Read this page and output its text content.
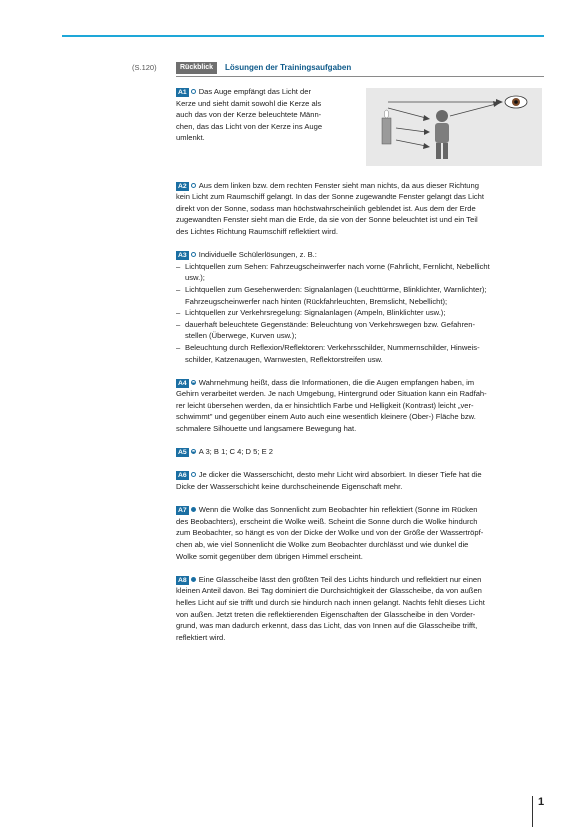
(S.120)	Rückblick	Lösungen der Trainingsaufgaben

A1 Das Auge empfängt das Licht der

Kerze und sieht damit sowohl die Kerze als

auch das von der Kerze beleuchtete Männ-

chen, das das Licht von der Kerze ins Auge

umlenkt.

A2 Aus dem linken bzw. dem rechten Fenster sieht man nichts, da aus dieser Richtung

kein Licht zum Raumschiff gelangt. In das der Sonne zugewandte Fenster gelangt das Licht

direkt von der Sonne, sodass man höchstwahrscheinlich geblendet ist. Aus dem der Erde

zugewandten Fenster sieht man die Erde, da sie von der Sonne beleuchtet ist und ein Teil

des Lichtes Richtung Raumschiff reflektiert wird.

A3 Individuelle Schülerlösungen, z. B.:

– Lichtquellen zum Sehen: Fahrzeugscheinwerfer nach vorne (Fahrlicht, Fernlicht, Nebellicht
usw.);
– Lichtquellen zum Gesehenwerden: Signalanlagen (Leuchttürme, Blinklichter, Warnlichter);
Fahrzeugscheinwerfer nach hinten (Rückfahrleuchten, Bremslicht, Nebellicht);
– Lichtquellen zur Verkehrsregelung: Signalanlagen (Ampeln, Blinklichter usw.);
– dauerhaft beleuchtete Gegenstände: Beleuchtung von Verkehrswegen bzw. Gefahren-
stellen (Überwege, Kurven usw.);
– Beleuchtung durch Reflexion/Reflektoren: Verkehrsschilder, Nummernschilder, Hinweis-
schilder, Katzenaugen, Warnwesten, Reflektorstreifen usw.

A4 Wahrnehmung heißt, dass die Informationen, die die Augen empfangen haben, im

Gehirn verarbeitet werden. Je nach Umgebung, Hintergrund oder Situation kann ein Radfah-

rer leicht übersehen werden, da er hinsichtlich Farbe und Helligkeit (Kontrast) leicht „ver-

schwimmt" und gegenüber einem Auto auch eine wesentlich kleinere (Ober-) Fläche bzw.

schmalere Silhouette und langsamere Bewegung hat.

A5 A 3; B 1; C 4; D 5; E 2

A6 Je dicker die Wasserschicht, desto mehr Licht wird absorbiert. In dieser Tiefe hat die

Dicke der Wasserschicht keine durchscheinende Eigenschaft mehr.

A7 Wenn die Wolke das Sonnenlicht zum Beobachter hin reflektiert (Sonne im Rücken

des Beobachters), erscheint die Wolke weiß. Scheint die Sonne durch die Wolke hindurch

zum Beobachter, so hängt es von der Dicke der Wolke und von der Größe der Wassertröpf-

chen ab, wie viel Sonnenlicht die Wolke zum Beobachter durchlässt und wie dunkel die

Wolke somit gegenüber dem übrigen Himmel erscheint.

A8 Eine Glasscheibe lässt den größten Teil des Lichts hindurch und reflektiert nur einen

kleinen Anteil davon. Bei Tag dominiert die Durchsichtigkeit der Glasscheibe, da von außen

helles Licht auf sie trifft und durch sie hindurch nach innen gelangt. Nachts fehlt dieses Licht

von außen. Jetzt treten die reflektierenden Eigenschaften der Glasscheibe in den Vorder-

grund, was man dadurch erkennt, dass das Licht, das von Innen auf die Glasscheibe trifft,

reflektiert wird.

1
